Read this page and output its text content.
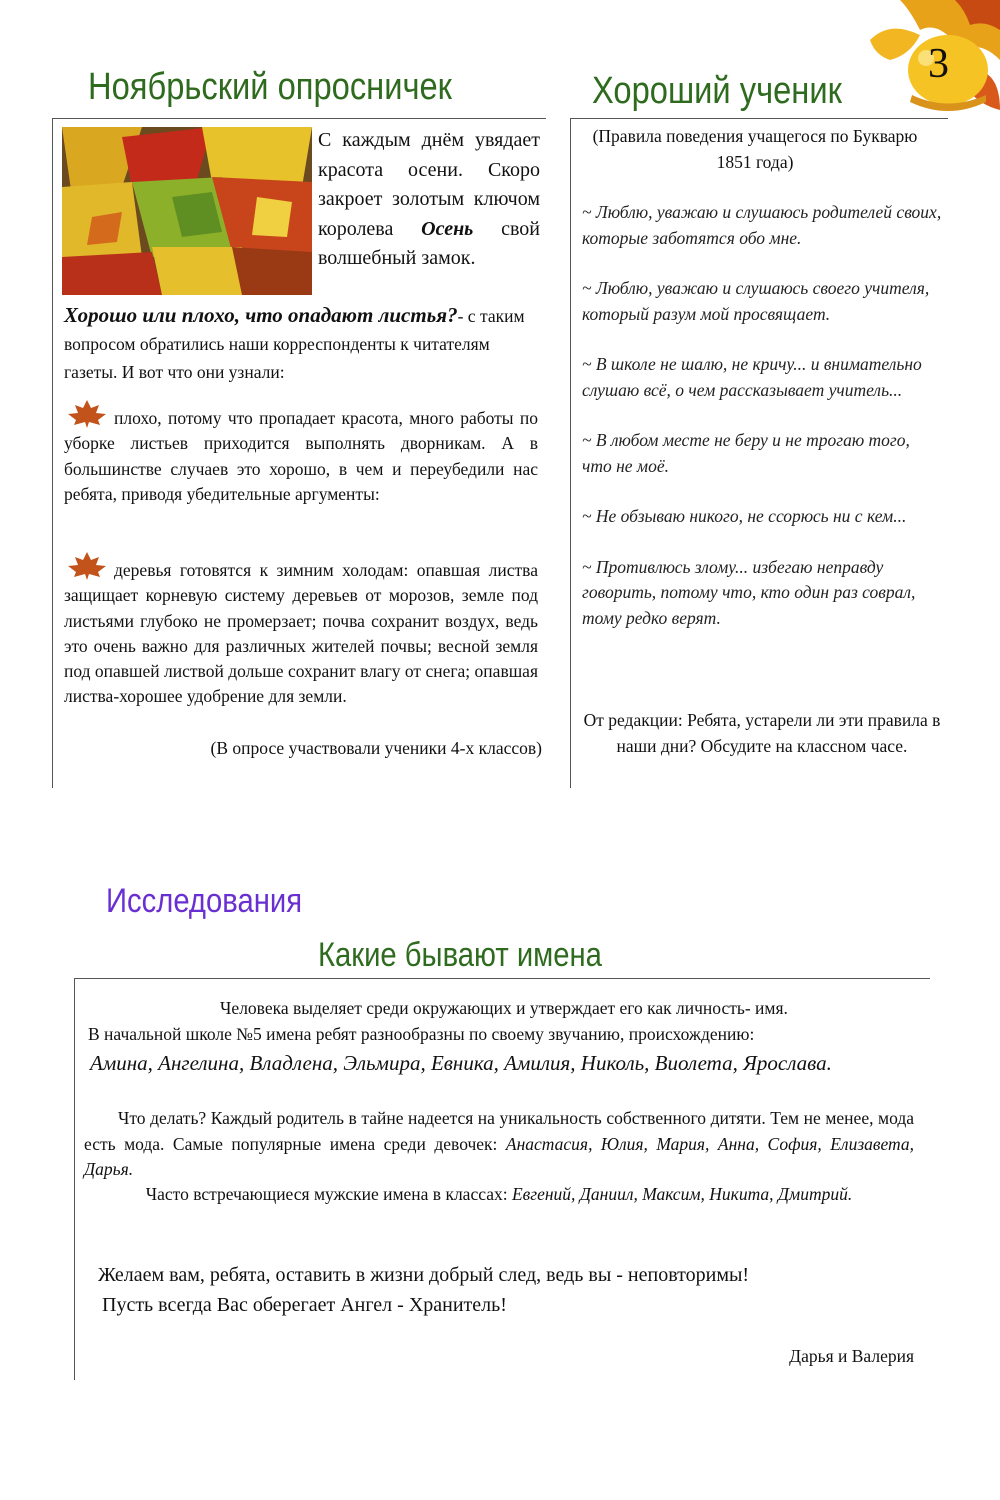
3
Ноябрьский опросничек
С каждым днём увядает красота осени. Скоро закроет золотым ключом королева Осень свой волшебный замок.
Хорошо или плохо, что опадают листья?- с таким вопросом обратились наши корреспонденты к читателям газеты. И вот что они узнали:
плохо, потому что пропадает красота, много работы по уборке листьев приходится выполнять дворникам. А в большинстве случаев это хорошо, в чем и переубедили нас ребята, приводя убедительные аргументы:
деревья готовятся к зимним холодам: опавшая листва защищает корневую систему деревьев от морозов, земле под листьями глубоко не промерзает; почва сохранит воздух, ведь это очень важно для различных жителей почвы; весной земля под опавшей листвой дольше сохранит влагу от снега; опавшая листва-хорошее удобрение для земли.
(В опросе участвовали ученики 4-х классов)
Хороший ученик
(Правила поведения учащегося по Букварю 1851 года)

~ Люблю, уважаю и слушаюсь родителей своих, которые заботятся обо мне.

~ Люблю, уважаю и слушаюсь своего учителя, который разум мой просвящает.

~ В школе не шалю, не кричу... и внимательно слушаю всё, о чем рассказывает учитель...

~ В любом месте не беру и не трогаю того, что не моё.

~ Не обзываю никого, не ссорюсь ни с кем...

~ Противлюсь злому... избегаю неправду говорить, потому что, кто один раз соврал, тому редко верят.

От редакции: Ребята, устарели ли эти правила в наши дни? Обсудите на классном часе.
Исследования
Какие бывают имена
Человека выделяет среди окружающих и утверждает его как личность- имя.
В начальной школе №5 имена ребят разнообразны по своему звучанию, происхождению:
Амина, Ангелина, Владлена, Эльмира, Евника, Амилия, Николь, Виолета, Ярослава.
Что делать? Каждый родитель в тайне надеется на уникальность собственного дитяти. Тем не менее, мода есть мода. Самые популярные имена среди девочек: Анастасия, Юлия, Мария, Анна, София, Елизавета, Дарья.
Часто встречающиеся мужские имена в классах: Евгений, Даниил, Максим, Никита, Дмитрий.
Желаем вам, ребята, оставить в жизни добрый след, ведь вы - неповторимы!
Пусть всегда Вас оберегает Ангел - Хранитель!
Дарья и Валерия
